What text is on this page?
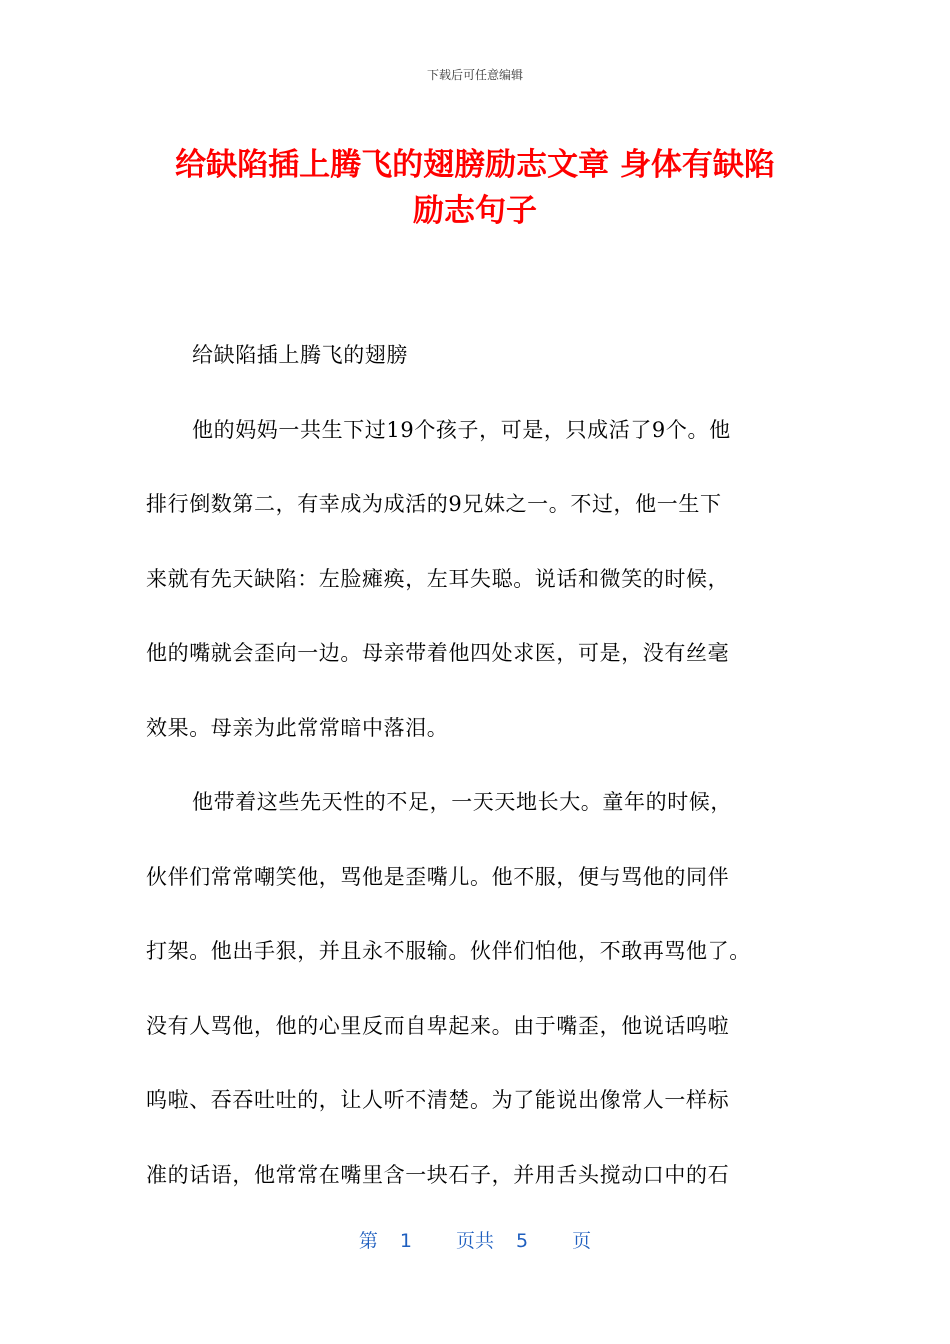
下载后可任意编辑
给缺陷插上腾飞的翅膀励志文章 身体有缺陷
励志句子
给缺陷插上腾飞的翅膀
他的妈妈一共生下过19个孩子，可是，只成活了9个。他
排行倒数第二，有幸成为成活的9兄妹之一。不过，他一生下
来就有先天缺陷：左脸瘫痪，左耳失聪。说话和微笑的时候，
他的嘴就会歪向一边。母亲带着他四处求医，可是，没有丝毫
效果。母亲为此常常暗中落泪。
他带着这些先天性的不足，一天天地长大。童年的时候，
伙伴们常常嘲笑他，骂他是歪嘴儿。他不服，便与骂他的同伴
打架。他出手狠，并且永不服输。伙伴们怕他，不敢再骂他了。
没有人骂他，他的心里反而自卑起来。由于嘴歪，他说话呜啦
呜啦、吞吞吐吐的，让人听不清楚。为了能说出像常人一样标
准的话语，他常常在嘴里含一块石子，并用舌头搅动口中的石
第 1 页共 5 页
